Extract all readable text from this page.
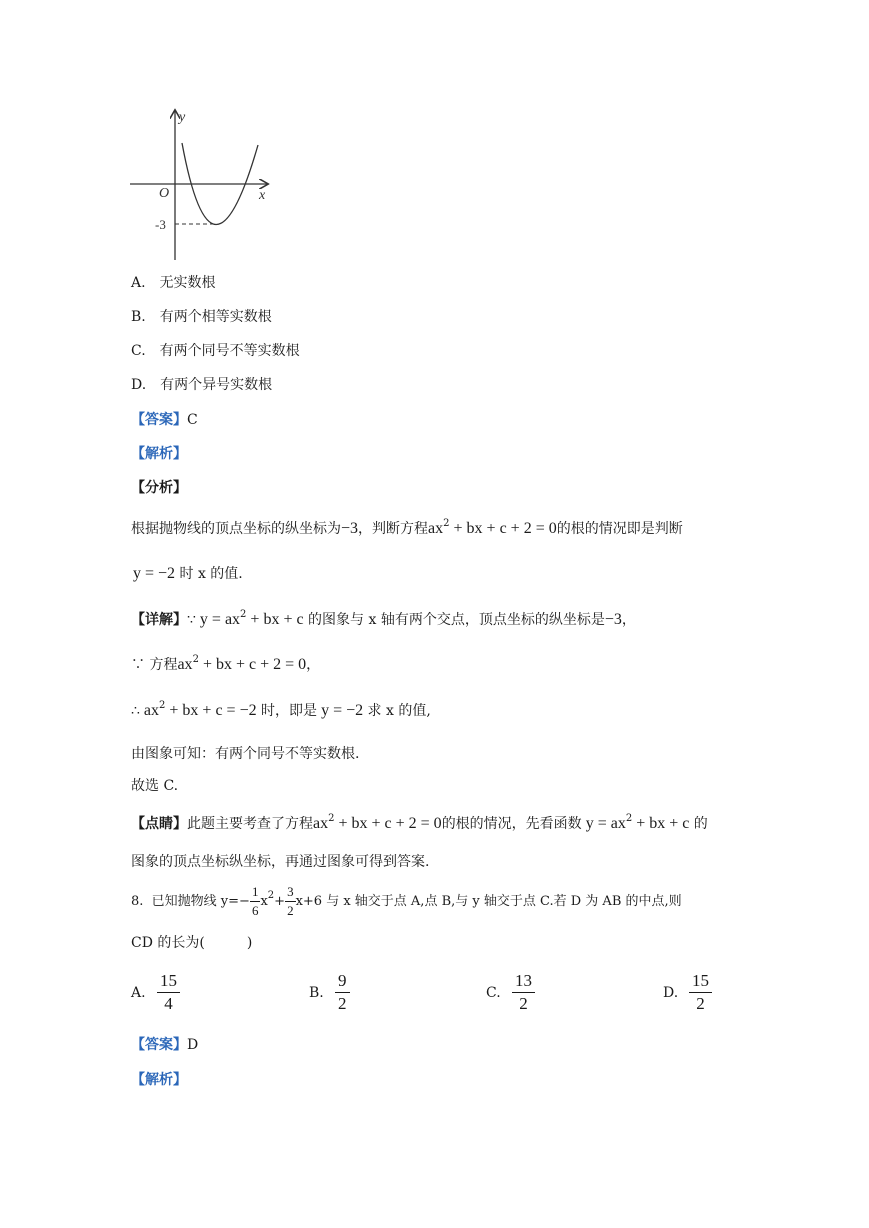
y
x
O
-3
A.　无实数根
B.　有两个相等实数根
C.　有两个同号不等实数根
D.　有两个异号实数根
【答案】C
【解析】
【分析】
根据抛物线的顶点坐标的纵坐标为−3，判断方程$ax^2$ + bx + c + 2 = 0的根的情况即是判断
y = −2 时 x 的值.
【详解】∵ $y = ax^2$ + bx + c 的图象与 x 轴有两个交点，顶点坐标的纵坐标是−3，
∵ 方程$ax^2$ + bx + c + 2 = 0，
∴ $ax^2$ + bx + c = −2 时，即是 y = −2 求 x 的值,
由图象可知：有两个同号不等实数根.
故选 C.
【点睛】此题主要考查了方程$ax^2$ + bx + c + 2 = 0的根的情况，先看函数 $y = ax^2$ + bx + c 的
图象的顶点坐标纵坐标，再通过图象可得到答案.
8. 已知抛物线 $y=- \frac{1}{6} x^2+ \frac{3}{2} x+6$ 与 x 轴交于点 A,点 B,与 y 轴交于点 C.若 D 为 AB 的中点,则
CD 的长为(　　　)
A. $\frac{15}{4}$	B. $\frac{9}{2}$	C. $\frac{13}{2}$	D. $\frac{15}{2}$
【答案】D
【解析】
